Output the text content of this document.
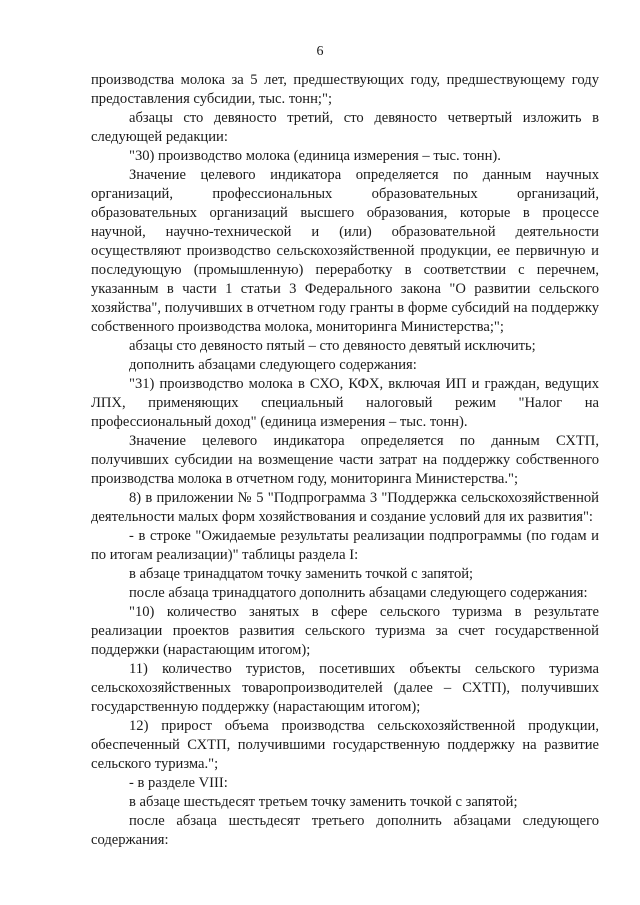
6

производства молока за 5 лет, предшествующих году, предшествующему году предоставления субсидии, тыс. тонн;";

абзацы сто девяносто третий, сто девяносто четвертый изложить в следующей редакции:

"30) производство молока (единица измерения – тыс. тонн).

Значение целевого индикатора определяется по данным научных организаций, профессиональных образовательных организаций, образовательных организаций высшего образования, которые в процессе научной, научно-технической и (или) образовательной деятельности осуществляют производство сельскохозяйственной продукции, ее первичную и последующую (промышленную) переработку в соответствии с перечнем, указанным в части 1 статьи 3 Федерального закона "О развитии сельского хозяйства", получивших в отчетном году гранты в форме субсидий на поддержку собственного производства молока, мониторинга Министерства;";

абзацы сто девяносто пятый – сто девяносто девятый исключить;

дополнить абзацами следующего содержания:

"31) производство молока в СХО, КФХ, включая ИП и граждан, ведущих ЛПХ, применяющих специальный налоговый режим "Налог на профессиональный доход" (единица измерения – тыс. тонн).

Значение целевого индикатора определяется по данным СХТП, получивших субсидии на возмещение части затрат на поддержку собственного производства молока в отчетном году, мониторинга Министерства.";

8) в приложении № 5 "Подпрограмма 3 "Поддержка сельскохозяйственной деятельности малых форм хозяйствования и создание условий для их развития":

- в строке "Ожидаемые результаты реализации подпрограммы (по годам и по итогам реализации)" таблицы раздела I:

в абзаце тринадцатом точку заменить точкой с запятой;

после абзаца тринадцатого дополнить абзацами следующего содержания:

"10) количество занятых в сфере сельского туризма в результате реализации проектов развития сельского туризма за счет государственной поддержки (нарастающим итогом);

11) количество туристов, посетивших объекты сельского туризма сельскохозяйственных товаропроизводителей (далее – СХТП), получивших государственную поддержку (нарастающим итогом);

12) прирост объема производства сельскохозяйственной продукции, обеспеченный СХТП, получившими государственную поддержку на развитие сельского туризма.";

- в разделе VIII:

в абзаце шестьдесят третьем точку заменить точкой с запятой;

после абзаца шестьдесят третьего дополнить абзацами следующего содержания:
